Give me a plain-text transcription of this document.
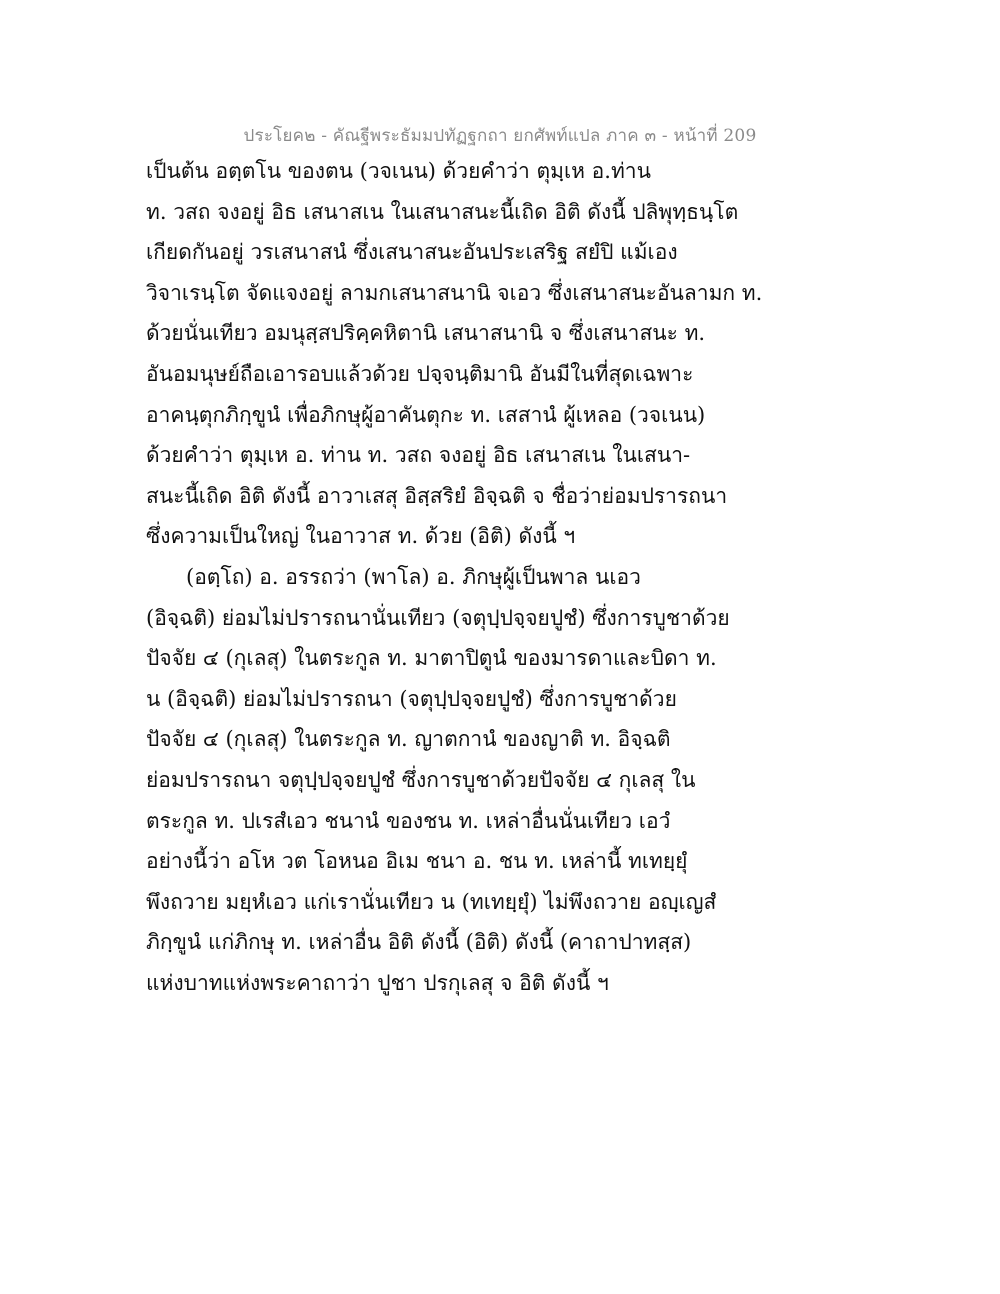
ประโยค๒ - คัณฐีพระธัมมปทัฏฐกถา ยกศัพท์แปล ภาค ๓ - หน้าที่ 209
เป็นต้น อตฺตโน ของตน (วจเนน) ด้วยคำว่า ตุมฺเห อ.ท่าน
ท. วสถ จงอยู่ อิธ เสนาสเน ในเสนาสนะนี้เถิด อิติ ดังนี้ ปลิพุทฺธนฺโต
เกียดกันอยู่ วรเสนาสนํ ซึ่งเสนาสนะอันประเสริฐ สยํปิ แม้เอง
วิจาเรนฺโต จัดแจงอยู่ ลามกเสนาสนานิ จเอว ซึ่งเสนาสนะอันลามก ท.
ด้วยนั่นเทียว อมนุสฺสปริคฺคหิตานิ เสนาสนานิ จ ซึ่งเสนาสนะ ท.
อันอมนุษย์ถือเอารอบแล้วด้วย ปจฺจนฺติมานิ อันมีในที่สุดเฉพาะ
อาคนฺตุกภิกฺขูนํ เพื่อภิกษุผู้อาคันตุกะ ท. เสสานํ ผู้เหลอ (วจเนน)
ด้วยคำว่า ตุมฺเห อ. ท่าน ท. วสถ จงอยู่ อิธ เสนาสเน ในเสนา-
สนะนี้เถิด อิติ ดังนี้ อาวาเสสุ อิสฺสริยํ อิจฺฉติ จ ชื่อว่าย่อมปรารถนา
ซึ่งความเป็นใหญ่ ในอาวาส ท. ด้วย (อิติ) ดังนี้ ฯ
(อตฺโถ) อ. อรรถว่า (พาโล) อ. ภิกษุผู้เป็นพาล นเอว
(อิจฺฉติ) ย่อมไม่ปรารถนานั่นเทียว (จตุปฺปจฺจยปูชํ) ซึ่งการบูชาด้วย
ปัจจัย ๔ (กุเลสุ) ในตระกูล ท. มาตาปิตูนํ ของมารดาและบิดา ท.
น (อิจฺฉติ) ย่อมไม่ปรารถนา (จตุปฺปจฺจยปูชํ) ซึ่งการบูชาด้วย
ปัจจัย ๔ (กุเลสุ) ในตระกูล ท. ญาตกานํ ของญาติ ท. อิจฺฉติ
ย่อมปรารถนา จตุปฺปจฺจยปูชํ ซึ่งการบูชาด้วยปัจจัย ๔ กุเลสุ ใน
ตระกูล ท. ปเรสํเอว ชนานํ ของชน ท. เหล่าอื่นนั่นเทียว เอวํ
อย่างนี้ว่า อโห วต โอหนอ อิเม ชนา อ. ชน ท. เหล่านี้ ทเทยฺยุํ
พึงถวาย มยฺหํเอว แก่เรานั่นเทียว น (ทเทยฺยุํ) ไม่พึงถวาย อญฺเญสํ
ภิกฺขูนํ แก่ภิกษุ ท. เหล่าอื่น อิติ ดังนี้ (อิติ) ดังนี้ (คาถาปาทสฺส)
แห่งบาทแห่งพระคาถาว่า ปูชา ปรกุเลสุ จ อิติ ดังนี้ ฯ
